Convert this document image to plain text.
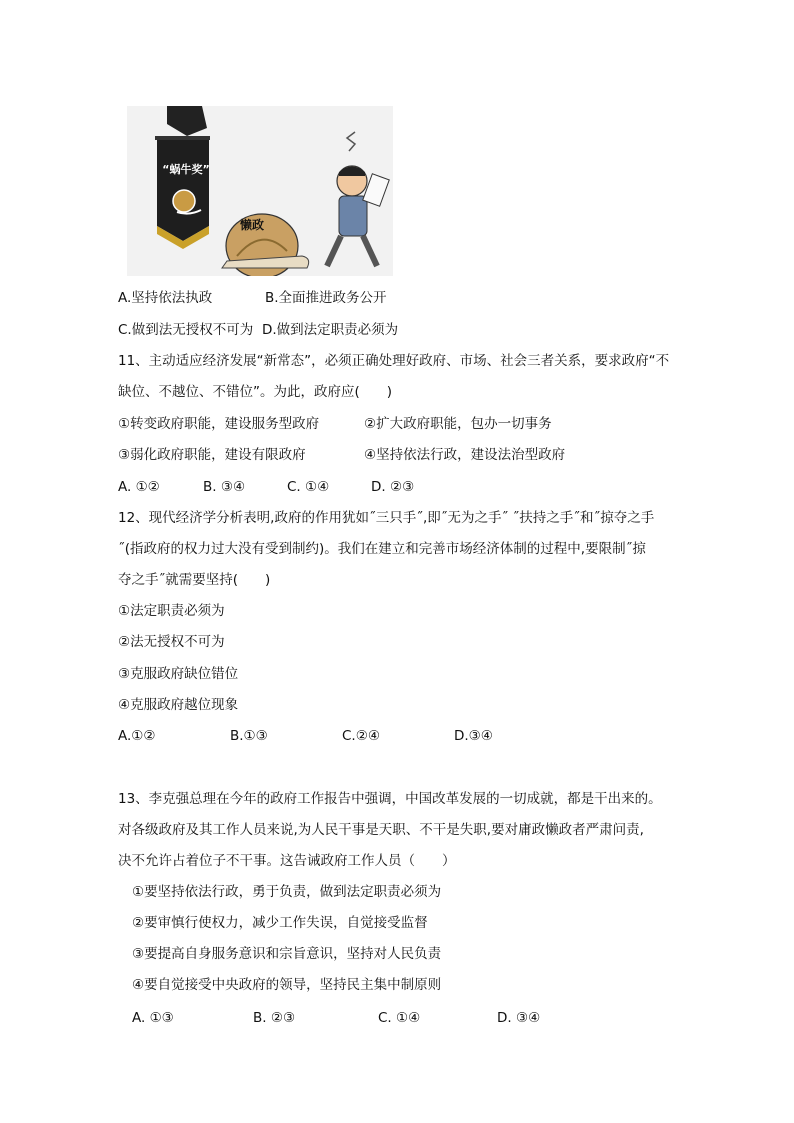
“蜗牛奖”
懒政
A.坚持依法执政	B.全面推进政务公开
C.做到法无授权不可为 D.做到法定职责必须为
11、主动适应经济发展“新常态”，必须正确处理好政府、市场、社会三者关系，要求政府“不
缺位、不越位、不错位”。为此，政府应(　　)
①转变政府职能，建设服务型政府	②扩大政府职能，包办一切事务
③弱化政府职能，建设有限政府	④坚持依法行政，建设法治型政府
A. ①②	B. ③④	C. ①④	D. ②③
12、现代经济学分析表明,政府的作用犹如˝三只手˝,即˝无为之手˝ ˝扶持之手˝和˝掠夺之手
˝(指政府的权力过大没有受到制约)。我们在建立和完善市场经济体制的过程中,要限制˝掠
夺之手˝就需要坚持(　　)
①法定职责必须为
②法无授权不可为
③克服政府缺位错位
④克服政府越位现象
A.①②	B.①③	C.②④	D.③④
13、李克强总理在今年的政府工作报告中强调，中国改革发展的一切成就，都是干出来的。
对各级政府及其工作人员来说,为人民干事是天职、不干是失职,要对庸政懒政者严肃问责,
决不允许占着位子不干事。这告诫政府工作人员（　　）
①要坚持依法行政，勇于负责，做到法定职责必须为
②要审慎行使权力，减少工作失误，自觉接受监督
③要提高自身服务意识和宗旨意识，坚持对人民负责
④要自觉接受中央政府的领导，坚持民主集中制原则
A. ①③	B. ②③	C. ①④	D. ③④
